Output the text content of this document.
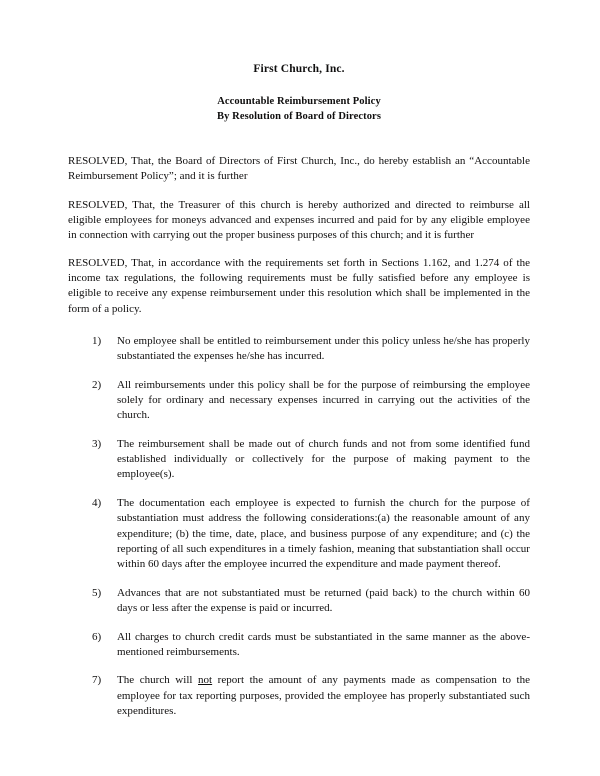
First Church, Inc.
Accountable Reimbursement Policy
By Resolution of Board of Directors

RESOLVED, That, the Board of Directors of First Church, Inc., do hereby establish an “Accountable Reimbursement Policy”; and it is further

RESOLVED, That, the Treasurer of this church is hereby authorized and directed to reimburse all eligible employees for moneys advanced and expenses incurred and paid for by any eligible employee in connection with carrying out the proper business purposes of this church; and it is further

RESOLVED, That, in accordance with the requirements set forth in Sections 1.162, and 1.274 of the income tax regulations, the following requirements must be fully satisfied before any employee is eligible to receive any expense reimbursement under this resolution which shall be implemented in the form of a policy.

1)	No employee shall be entitled to reimbursement under this policy unless he/she has properly substantiated the expenses he/she has incurred.
2)	All reimbursements under this policy shall be for the purpose of reimbursing the employee solely for ordinary and necessary expenses incurred in carrying out the activities of the church.
3)	The reimbursement shall be made out of church funds and not from some identified fund established individually or collectively for the purpose of making payment to the employee(s).
4)	The documentation each employee is expected to furnish the church for the purpose of substantiation must address the following considerations:(a) the reasonable amount of any expenditure; (b) the time, date, place, and business purpose of any expenditure; and (c) the reporting of all such expenditures in a timely fashion, meaning that substantiation shall occur within 60 days after the employee incurred the expenditure and made payment thereof.
5)	Advances that are not substantiated must be returned (paid back) to the church within 60 days or less after the expense is paid or incurred.
6)	All charges to church credit cards must be substantiated in the same manner as the above-mentioned reimbursements.
7)	The church will not report the amount of any payments made as compensation to the employee for tax reporting purposes, provided the employee has properly substantiated such expenditures.
